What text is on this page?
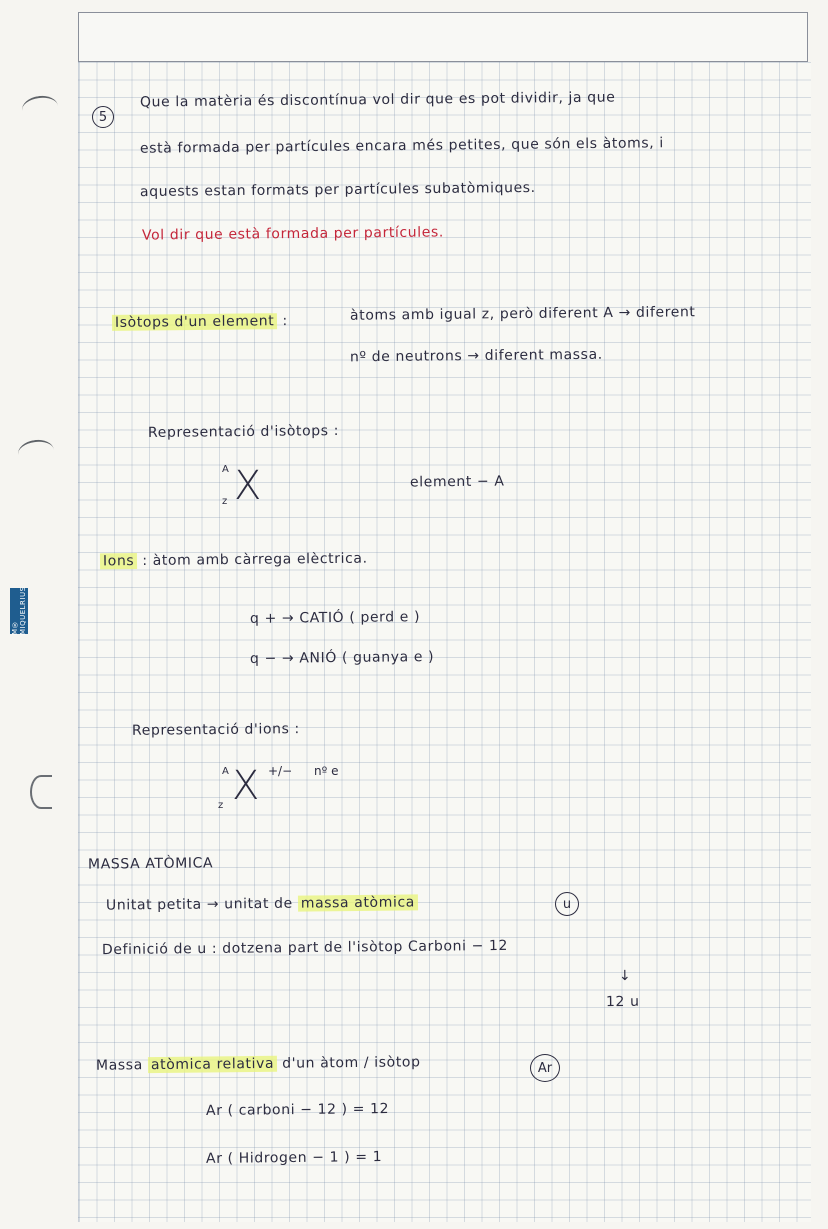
M® MIQUELRIUS
5
Que la matèria és discontínua vol dir que es pot dividir, ja que
està formada per partícules encara més petites, que són els àtoms, i
aquests estan formats per partícules subatòmiques.
Vol dir que està formada per partícules.
Isòtops d'un element :	àtoms amb igual z, però diferent A → diferent
nº de neutrons → diferent massa.
Representació d'isòtops :
A
z X	element − A
Ions : àtom amb càrrega elèctrica.
q + → CATIÓ ( perd e )
q − → ANIÓ ( guanya e )
Representació d'ions :
A
z X +/− nº e
MASSA ATÒMICA
Unitat petita → unitat de massa atòmica	u
Definició de u : dotzena part de l'isòtop Carboni − 12
↓
12 u
Massa atòmica relativa d'un àtom / isòtop	Ar
Ar ( carboni − 12 ) = 12
Ar ( Hidrogen − 1 ) = 1
